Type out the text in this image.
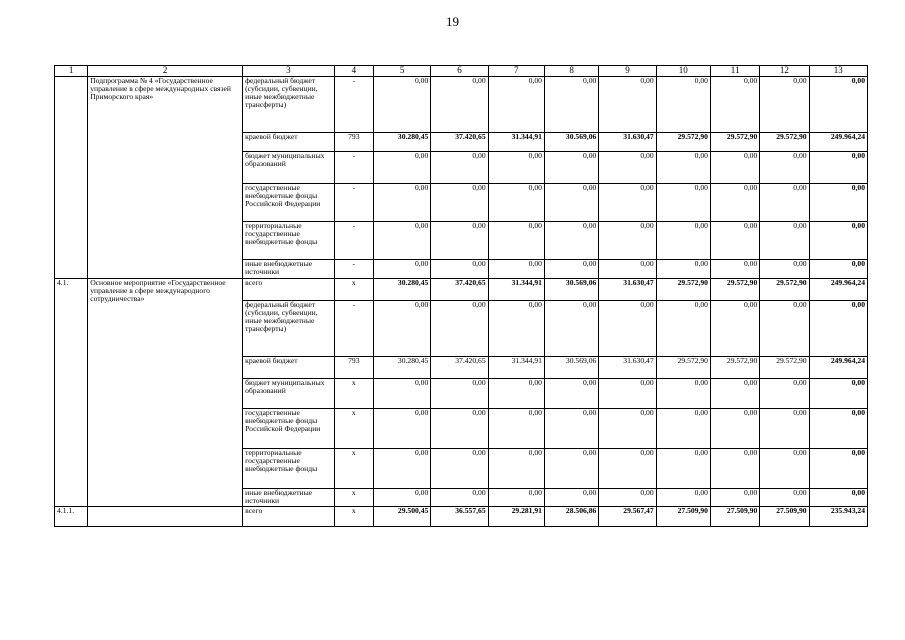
19
1	2	3	4	5	6	7	8	9	10	11	12	13
	Подпрограмма № 4 «Государственное управление в сфере международных связей Приморского края»	федеральный бюджет (субсидии, субвенции, иные межбюджетные трансферты)	-	0,00	0,00	0,00	0,00	0,00	0,00	0,00	0,00	0,00
		краевой бюджет	793	30.280,45	37.420,65	31.344,91	30.569,06	31.630,47	29.572,90	29.572,90	29.572,90	249.964,24
		бюджет муниципальных образований	-	0,00	0,00	0,00	0,00	0,00	0,00	0,00	0,00	0,00
		государственные внебюджетные фонды Российской Федерации	-	0,00	0,00	0,00	0,00	0,00	0,00	0,00	0,00	0,00
		территориальные государственные внебюджетные фонды	-	0,00	0,00	0,00	0,00	0,00	0,00	0,00	0,00	0,00
		иные внебюджетные источники	-	0,00	0,00	0,00	0,00	0,00	0,00	0,00	0,00	0,00
4.1.	Основное мероприятие «Государственное управление в сфере международного сотрудничества»	всего	x	30.280,45	37.420,65	31.344,91	30.569,06	31.630,47	29.572,90	29.572,90	29.572,90	249.964,24
		федеральный бюджет (субсидии, субвенции, иные межбюджетные трансферты)	-	0,00	0,00	0,00	0,00	0,00	0,00	0,00	0,00	0,00
		краевой бюджет	793	30.280,45	37.420,65	31.344,91	30.569,06	31.630,47	29.572,90	29.572,90	29.572,90	249.964,24
		бюджет муниципальных образований	x	0,00	0,00	0,00	0,00	0,00	0,00	0,00	0,00	0,00
		государственные внебюджетные фонды Российской Федерации	x	0,00	0,00	0,00	0,00	0,00	0,00	0,00	0,00	0,00
		территориальные государственные внебюджетные фонды	x	0,00	0,00	0,00	0,00	0,00	0,00	0,00	0,00	0,00
		иные внебюджетные источники	x	0,00	0,00	0,00	0,00	0,00	0,00	0,00	0,00	0,00
4.1.1.		всего	x	29.500,45	36.557,65	29.281,91	28.506,86	29.567,47	27.509,90	27.509,90	27.509,90	235.943,24
